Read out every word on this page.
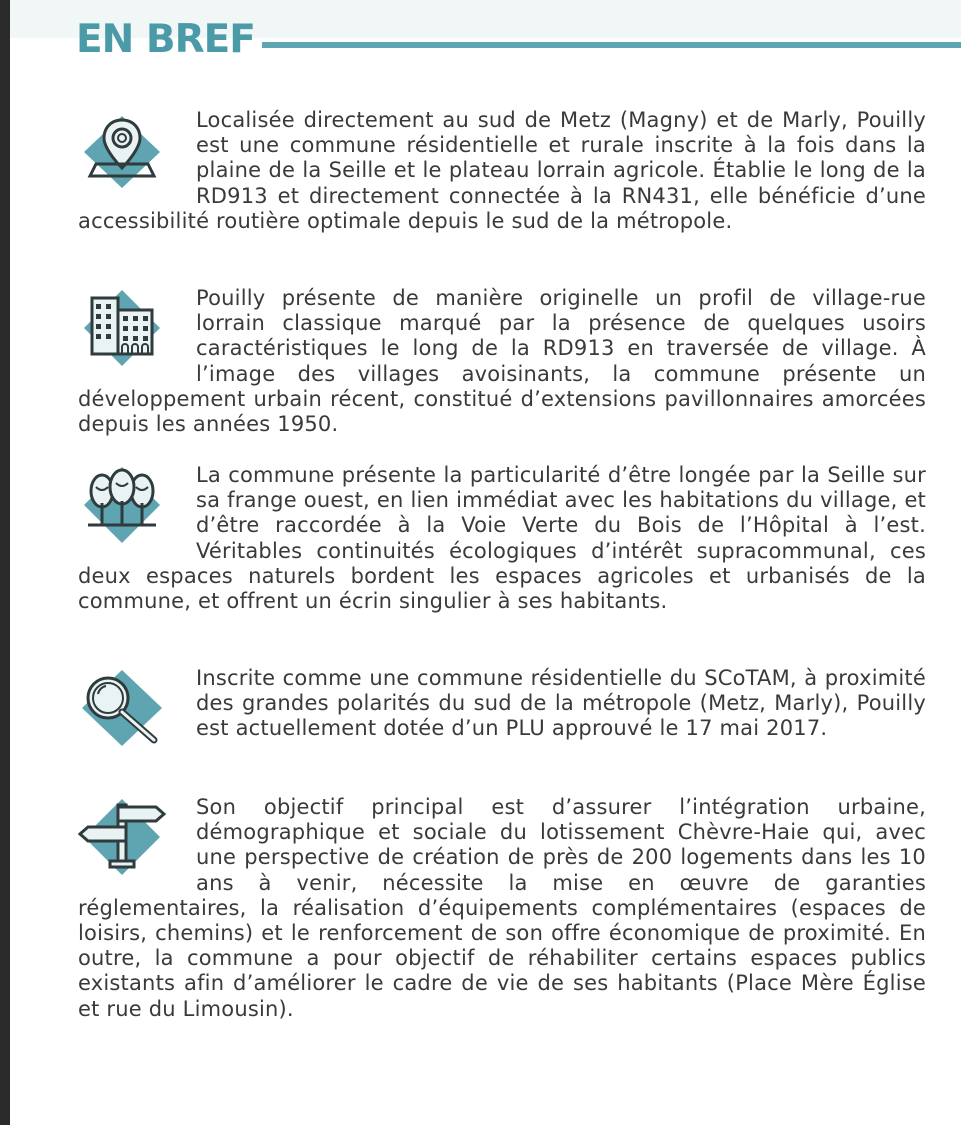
EN BREF

Localisée directement au sud de Metz (Magny) et de Marly, Pouilly est une commune résidentielle et rurale inscrite à la fois dans la plaine de la Seille et le plateau lorrain agricole. Établie le long de la RD913 et directement connectée à la RN431, elle bénéficie d’une accessibilité routière optimale depuis le sud de la métropole.

Pouilly présente de manière originelle un profil de village-rue lorrain classique marqué par la présence de quelques usoirs caractéristiques le long de la RD913 en traversée de village. À l’image des villages avoisinants, la commune présente un développement urbain récent, constitué d’extensions pavillonnaires amorcées depuis les années 1950.

La commune présente la particularité d’être longée par la Seille sur sa frange ouest, en lien immédiat avec les habitations du village, et d’être raccordée à la Voie Verte du Bois de l’Hôpital à l’est. Véritables continuités écologiques d’intérêt supracommunal, ces deux espaces naturels bordent les espaces agricoles et urbanisés de la commune, et offrent un écrin singulier à ses habitants.

Inscrite comme une commune résidentielle du SCoTAM, à proximité des grandes polarités du sud de la métropole (Metz, Marly), Pouilly est actuellement dotée d’un PLU approuvé le 17 mai 2017.

Son objectif principal est d’assurer l’intégration urbaine, démographique et sociale du lotissement Chèvre-Haie qui, avec une perspective de création de près de 200 logements dans les 10 ans à venir, nécessite la mise en œuvre de garanties réglementaires, la réalisation d’équipements complémentaires (espaces de loisirs, chemins) et le renforcement de son offre économique de proximité. En outre, la commune a pour objectif de réhabiliter certains espaces publics existants afin d’améliorer le cadre de vie de ses habitants (Place Mère Église et rue du Limousin).
